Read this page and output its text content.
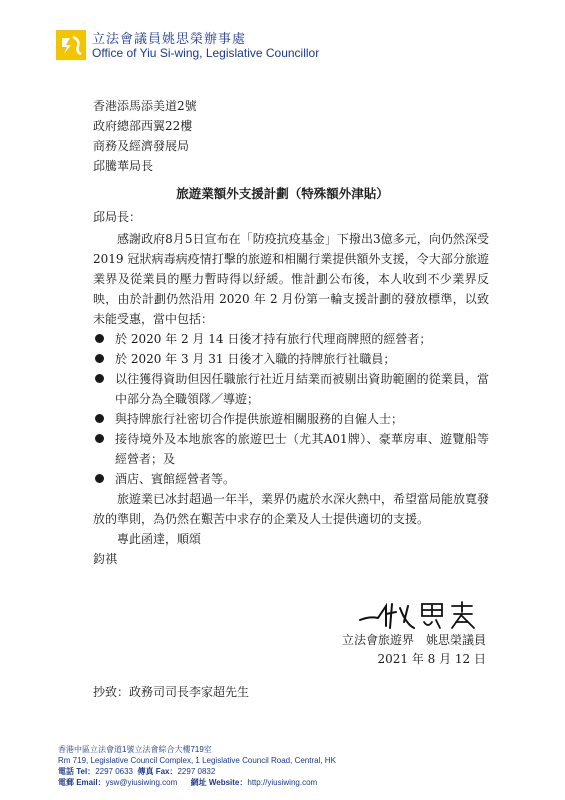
立法會議員姚思榮辦事處
Office of Yiu Si-wing, Legislative Councillor
香港添馬添美道2號
政府總部西翼22樓
商務及經濟發展局
邱騰華局長
旅遊業額外支援計劃（特殊額外津貼）
邱局長：

感謝政府8月5日宣布在「防疫抗疫基金」下撥出3億多元，向仍然深受 2019 冠狀病毒病疫情打擊的旅遊和相關行業提供額外支援，令大部分旅遊業界及從業員的壓力暫時得以紓緩。惟計劃公布後，本人收到不少業界反映，由於計劃仍然沿用 2020 年 2 月份第一輪支援計劃的發放標準，以致未能受惠，當中包括：

於 2020 年 2 月 14 日後才持有旅行代理商牌照的經營者；
於 2020 年 3 月 31 日後才入職的持牌旅行社職員；
以往獲得資助但因任職旅行社近月結業而被剔出資助範圍的從業員，當中部分為全職領隊／導遊；
與持牌旅行社密切合作提供旅遊相關服務的自僱人士；
接待境外及本地旅客的旅遊巴士（尤其A01牌）、豪華房車、遊覽船等經營者；及
酒店、賓館經營者等。

旅遊業已冰封超過一年半，業界仍處於水深火熱中，希望當局能放寬發放的準則，為仍然在艱苦中求存的企業及人士提供適切的支援。

專此函達，順頌

鈞祺
立法會旅遊界　姚思榮議員
2021 年 8 月 12 日
抄致：政務司司長李家超先生
香港中區立法會道1號立法會綜合大樓719室
Rm 719, Legislative Council Complex, 1 Legislative Council Road, Central, HK
電話 Tel：2297 0633 傳真 Fax：2297 0832
電郵 Email：ysw@yiusiwing.com 網址 Website：http://yiusiwing.com
